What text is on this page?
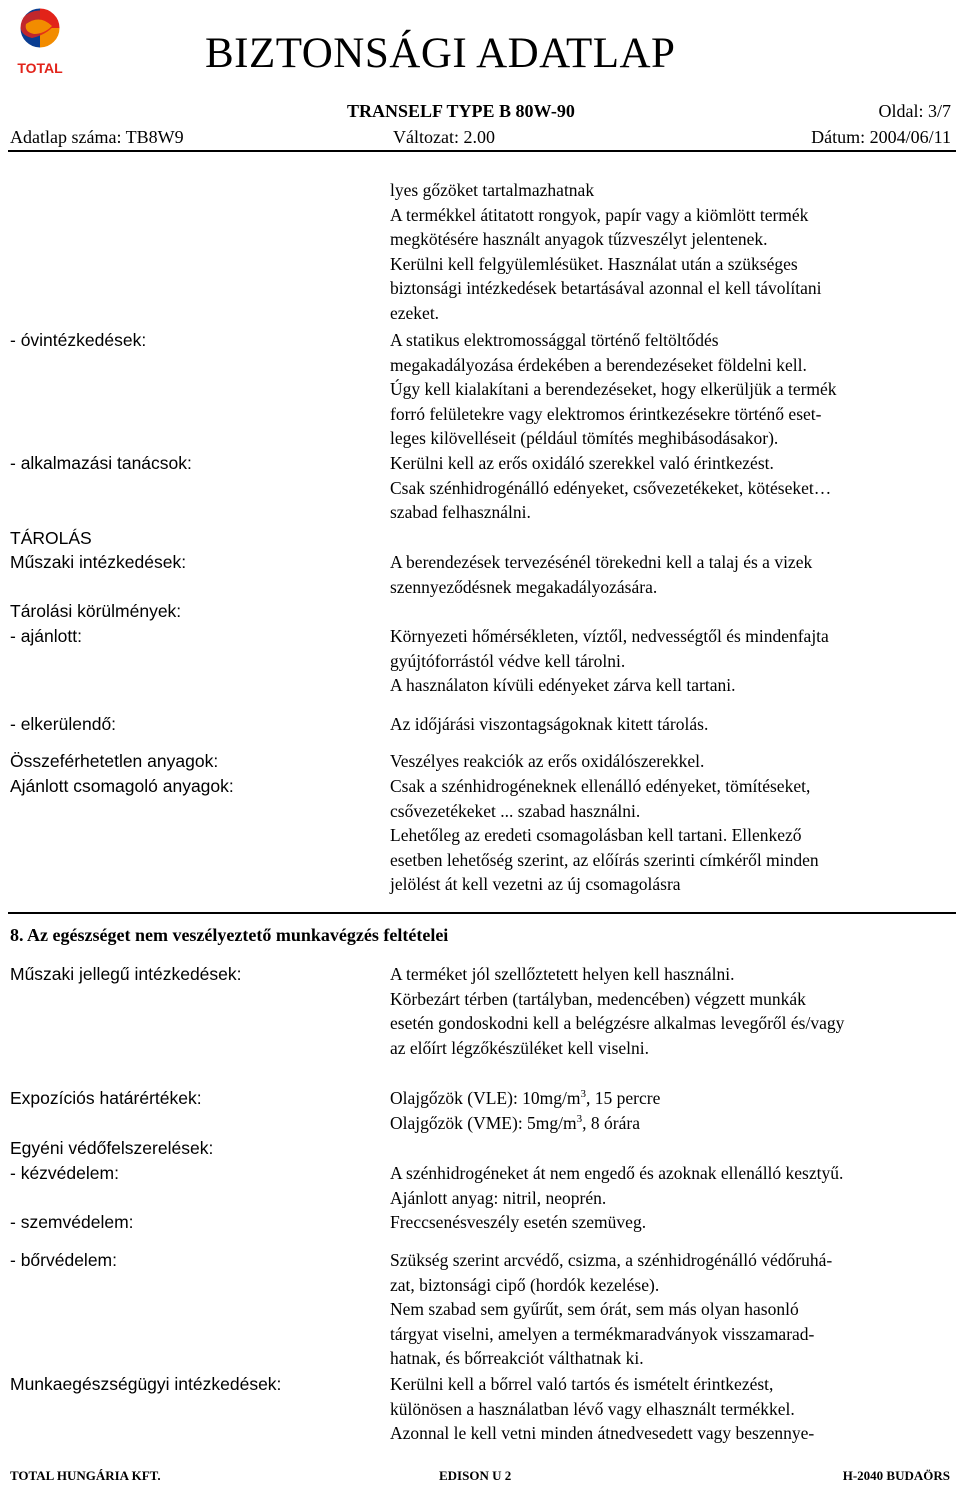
TOTAL	BIZTONSÁGI ADATLAP
TRANSELF TYPE B 80W-90	Oldal: 3/7
Adatlap száma: TB8W9	Változat: 2.00	Dátum: 2004/06/11
lyes gőzöket tartalmazhatnak
A termékkel átitatott rongyok, papír vagy a kiömlött termék
megkötésére használt anyagok tűzveszélyt jelentenek.
Kerülni kell felgyülemlésüket. Használat után a szükséges
biztonsági intézkedések betartásával azonnal el kell távolítani
ezeket.
- óvintézkedések:	A statikus elektromossággal történő feltöltődés
megakadályozása érdekében a berendezéseket földelni kell.
Úgy kell kialakítani a berendezéseket, hogy elkerüljük a termék
forró felületekre vagy elektromos érintkezésekre történő eset-
leges kilövelléseit (például tömítés meghibásodásakor).
- alkalmazási tanácsok:	Kerülni kell az erős oxidáló szerekkel való érintkezést.
Csak szénhidrogénálló edényeket, csővezetékeket, kötéseket…
szabad felhasználni.
TÁROLÁS
Műszaki intézkedések:	A berendezések tervezésénél törekedni kell a talaj és a vizek
szennyeződésnek megakadályozására.
Tárolási körülmények:
- ajánlott:	Környezeti hőmérsékleten, víztől, nedvességtől és mindenfajta
gyújtóforrástól védve kell tárolni.
A használaton kívüli edényeket zárva kell tartani.
- elkerülendő:	Az időjárási viszontagságoknak kitett tárolás.
Összeférhetetlen anyagok:	Veszélyes reakciók az erős oxidálószerekkel.
Ajánlott csomagoló anyagok:	Csak a szénhidrogéneknek ellenálló edényeket, tömítéseket,
csővezetékeket ... szabad használni.
Lehetőleg az eredeti csomagolásban kell tartani. Ellenkező
esetben lehetőség szerint, az előírás szerinti címkéről minden
jelölést át kell vezetni az új csomagolásra
8. Az egészséget nem veszélyeztető munkavégzés feltételei
Műszaki jellegű intézkedések:	A terméket jól szellőztetett helyen kell használni.
Körbezárt térben (tartályban, medencében) végzett munkák
esetén gondoskodni kell a belégzésre alkalmas levegőről és/vagy
az előírt légzőkészüléket kell viselni.
Expozíciós határértékek:	Olajgőzök (VLE): $10mg/m^3$, 15 percre
Olajgőzök (VME): $5mg/m^3$, 8 órára
Egyéni védőfelszerelések:
- kézvédelem:	A szénhidrogéneket át nem engedő és azoknak ellenálló kesztyű.
Ajánlott anyag: nitril, neoprén.
- szemvédelem:	Freccsenésveszély esetén szemüveg.
- bőrvédelem:	Szükség szerint arcvédő, csizma, a szénhidrogénálló védőruhá-
zat, biztonsági cipő (hordók kezelése).
Nem szabad sem gyűrűt, sem órát, sem más olyan hasonló
tárgyat viselni, amelyen a termékmaradványok visszamarad-
hatnak, és bőrreakciót válthatnak ki.
Munkaegészségügyi intézkedések:	Kerülni kell a bőrrel való tartós és ismételt érintkezést,
különösen a használatban lévő vagy elhasznált termékkel.
Azonnal le kell vetni minden átnedvesedett vagy beszennye-
TOTAL HUNGÁRIA KFT.	EDISON U 2	H-2040 BUDAÖRS
